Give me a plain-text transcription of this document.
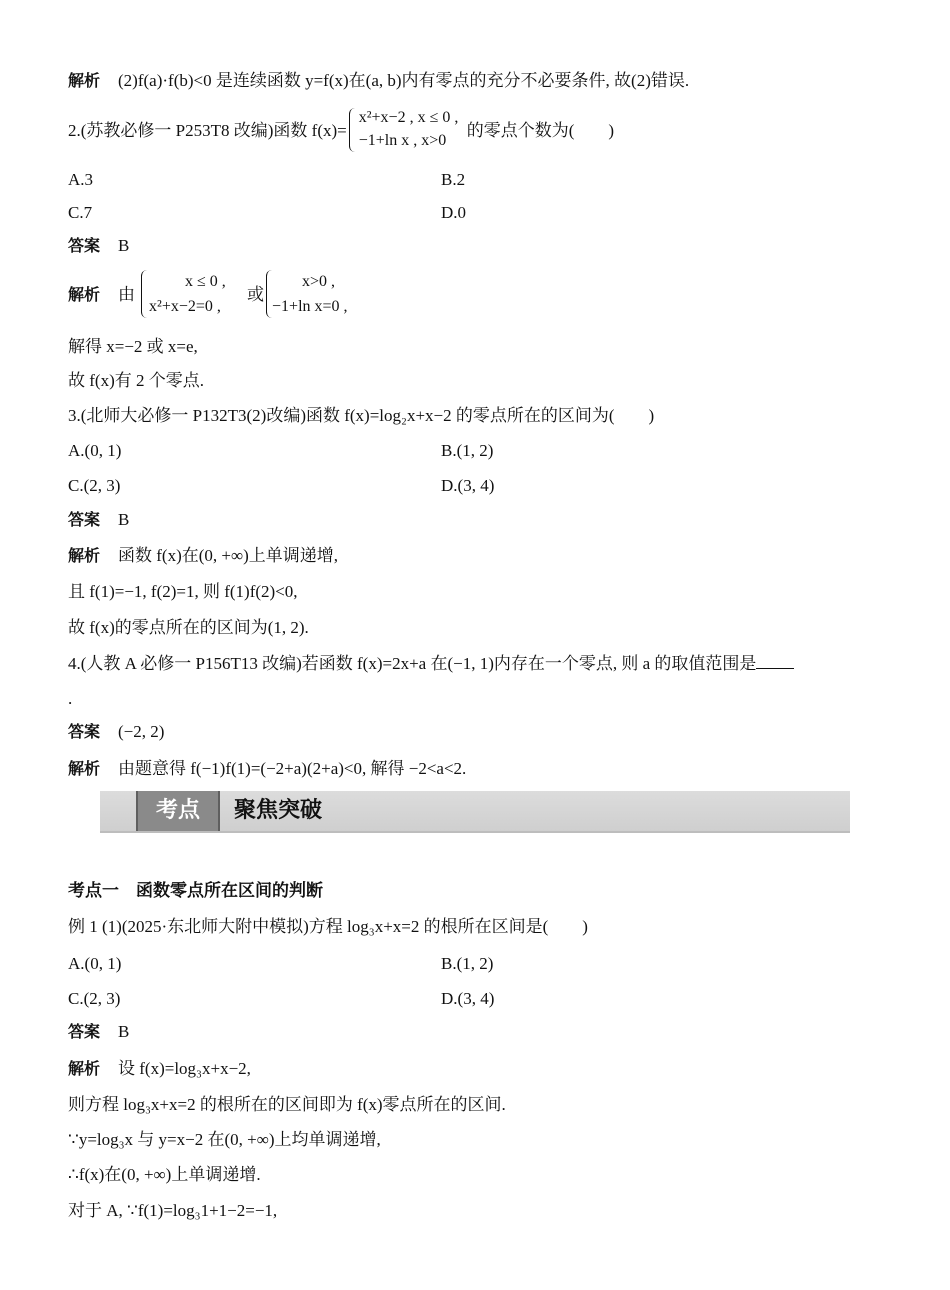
解析 (2)f(a)·f(b)<0 是连续函数 y=f(x)在(a, b)内有零点的充分不必要条件, 故(2)错误.
2.(苏教必修一 P253T8 改编)函数 f(x)=
x²+x−2 , x ≤ 0 ,
−1+ln x , x>0
的零点个数为(　　)
A.3	B.2
C.7	D.0
答案 B
解析 由
x ≤ 0 ,
x²+x−2=0 ,
或
x>0 ,
−1+ln x=0 ,
解得 x=−2 或 x=e,
故 f(x)有 2 个零点.
3.(北师大必修一 P132T3(2)改编)函数 f(x)=log₂x+x−2 的零点所在的区间为(　　)
A.(0, 1)	B.(1, 2)
C.(2, 3)	D.(3, 4)
答案 B
解析 函数 f(x)在(0, +∞)上单调递增,
且 f(1)=−1, f(2)=1, 则 f(1)f(2)<0,
故 f(x)的零点所在的区间为(1, 2).
4.(人教 A 必修一 P156T13 改编)若函数 f(x)=2x+a 在(−1, 1)内存在一个零点, 则 a 的取值范围是
.
答案 (−2, 2)
解析 由题意得 f(−1)f(1)=(−2+a)(2+a)<0, 解得 −2<a<2.
考点	聚焦突破
考点一　函数零点所在区间的判断
例 1 (1)(2025·东北师大附中模拟)方程 log₃x+x=2 的根所在区间是(　　)
A.(0, 1)	B.(1, 2)
C.(2, 3)	D.(3, 4)
答案 B
解析 设 f(x)=log₃x+x−2,
则方程 log₃x+x=2 的根所在的区间即为 f(x)零点所在的区间.
∵y=log₃x 与 y=x−2 在(0, +∞)上均单调递增,
∴f(x)在(0, +∞)上单调递增.
对于 A, ∵f(1)=log₃1+1−2=−1,
